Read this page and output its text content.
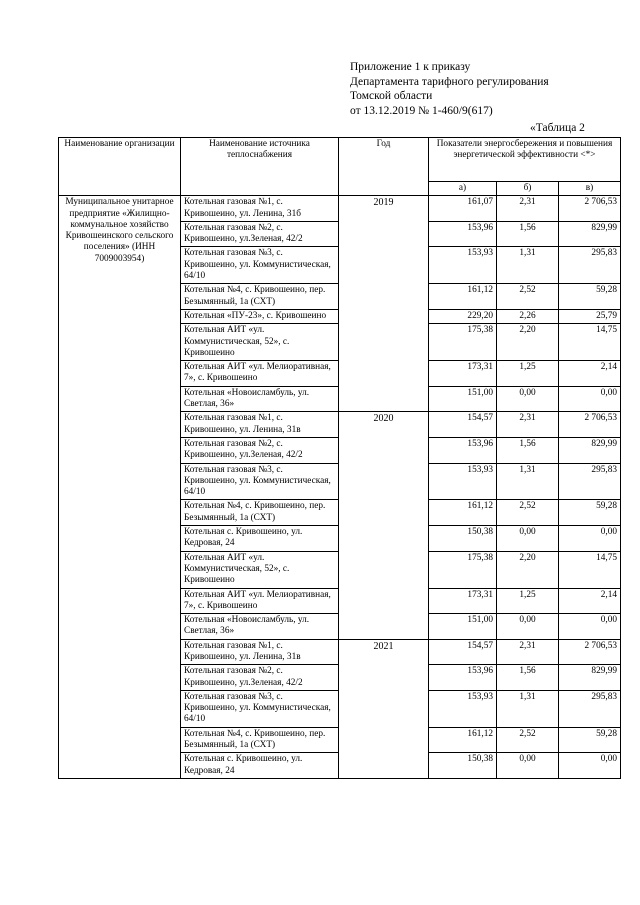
Приложение 1 к приказу
Департамента тарифного регулирования
Томской области
от 13.12.2019 № 1-460/9(617)
«Таблица 2
Наименование организации	Наименование источника теплоснабжения	Год	Показатели энергосбережения и повышения энергетической эффективности <*>		
			а)	б)	в)
Муниципальное унитарное предприятие «Жилищно-коммунальное хозяйство Кривошеинского сельского поселения» (ИНН 7009003954)	Котельная газовая №1, с. Кривошеино, ул. Ленина, 31б	2019	161,07	2,31	2 706,53
	Котельная газовая №2, с. Кривошеино, ул.Зеленая, 42/2		153,96	1,56	829,99
	Котельная газовая №3, с. Кривошеино, ул. Коммунистическая, 64/10		153,93	1,31	295,83
	Котельная №4, с. Кривошеино, пер. Безымянный, 1а (СХТ)		161,12	2,52	59,28
	Котельная «ПУ-23», с. Кривошеино		229,20	2,26	25,79
	Котельная АИТ «ул. Коммунистическая, 52», с. Кривошеино		175,38	2,20	14,75
	Котельная АИТ «ул. Мелиоративная, 7», с. Кривошеино		173,31	1,25	2,14
	Котельная «Новоисламбуль, ул. Светлая, 36»		151,00	0,00	0,00
	Котельная газовая №1, с. Кривошеино, ул. Ленина, 31в	2020	154,57	2,31	2 706,53
	Котельная газовая №2, с. Кривошеино, ул.Зеленая, 42/2		153,96	1,56	829,99
	Котельная газовая №3, с. Кривошеино, ул. Коммунистическая, 64/10		153,93	1,31	295,83
	Котельная №4, с. Кривошеино, пер. Безымянный, 1а (СХТ)		161,12	2,52	59,28
	Котельная с. Кривошеино, ул. Кедровая, 24		150,38	0,00	0,00
	Котельная АИТ «ул. Коммунистическая, 52», с. Кривошеино		175,38	2,20	14,75
	Котельная АИТ «ул. Мелиоративная, 7», с. Кривошеино		173,31	1,25	2,14
	Котельная «Новоисламбуль, ул. Светлая, 36»		151,00	0,00	0,00
	Котельная газовая №1, с. Кривошеино, ул. Ленина, 31в	2021	154,57	2,31	2 706,53
	Котельная газовая №2, с. Кривошеино, ул.Зеленая, 42/2		153,96	1,56	829,99
	Котельная газовая №3, с. Кривошеино, ул. Коммунистическая, 64/10		153,93	1,31	295,83
	Котельная №4, с. Кривошеино, пер. Безымянный, 1а (СХТ)		161,12	2,52	59,28
	Котельная с. Кривошеино, ул. Кедровая, 24		150,38	0,00	0,00
